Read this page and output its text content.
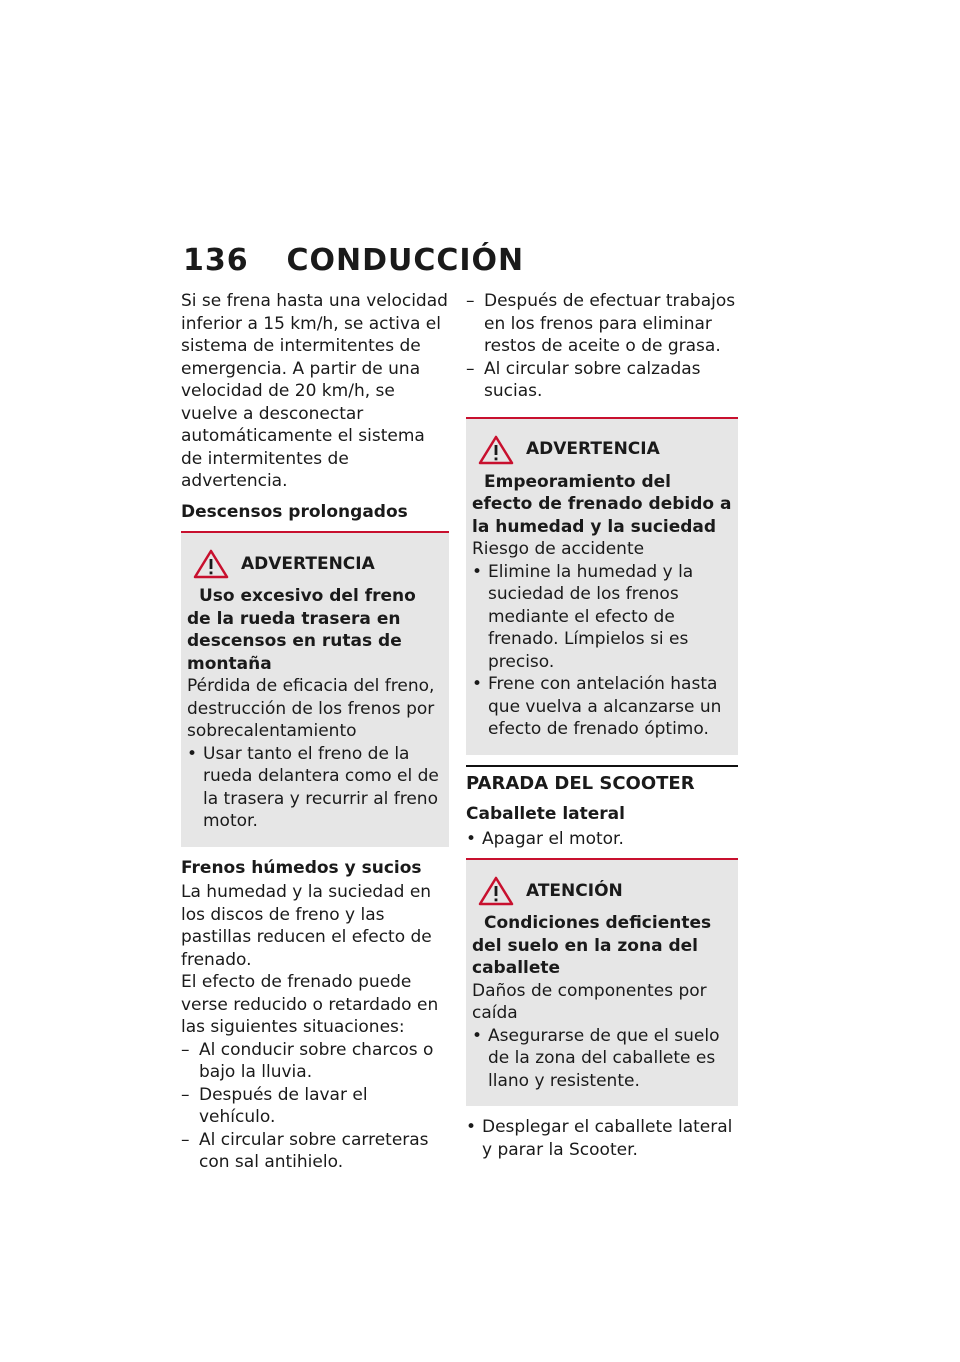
136 CONDUCCIÓN

Si se frena hasta una velocidad inferior a 15 km/h, se activa el sistema de intermitentes de emergencia. A partir de una velocidad de 20 km/h, se vuelve a desconectar automáticamente el sistema de intermitentes de advertencia.

Descensos prolongados

ADVERTENCIA

Uso excesivo del freno de la rueda trasera en descensos en rutas de montaña

Pérdida de eficacia del freno, destrucción de los frenos por sobrecalentamiento

• Usar tanto el freno de la rueda delantera como el de la trasera y recurrir al freno motor.

Frenos húmedos y sucios

La humedad y la suciedad en los discos de freno y las pastillas reducen el efecto de frenado.

El efecto de frenado puede verse reducido o retardado en las siguientes situaciones:

– Al conducir sobre charcos o bajo la lluvia.

– Después de lavar el vehículo.

– Al circular sobre carreteras con sal antihielo.

– Después de efectuar trabajos en los frenos para eliminar restos de aceite o de grasa.

– Al circular sobre calzadas sucias.

ADVERTENCIA

Empeoramiento del efecto de frenado debido a la humedad y la suciedad

Riesgo de accidente

• Elimine la humedad y la suciedad de los frenos mediante el efecto de frenado. Límpielos si es preciso.

• Frene con antelación hasta que vuelva a alcanzarse un efecto de frenado óptimo.

PARADA DEL SCOOTER

Caballete lateral

• Apagar el motor.

ATENCIÓN

Condiciones deficientes del suelo en la zona del caballete

Daños de componentes por caída

• Asegurarse de que el suelo de la zona del caballete es llano y resistente.

• Desplegar el caballete lateral y parar la Scooter.
